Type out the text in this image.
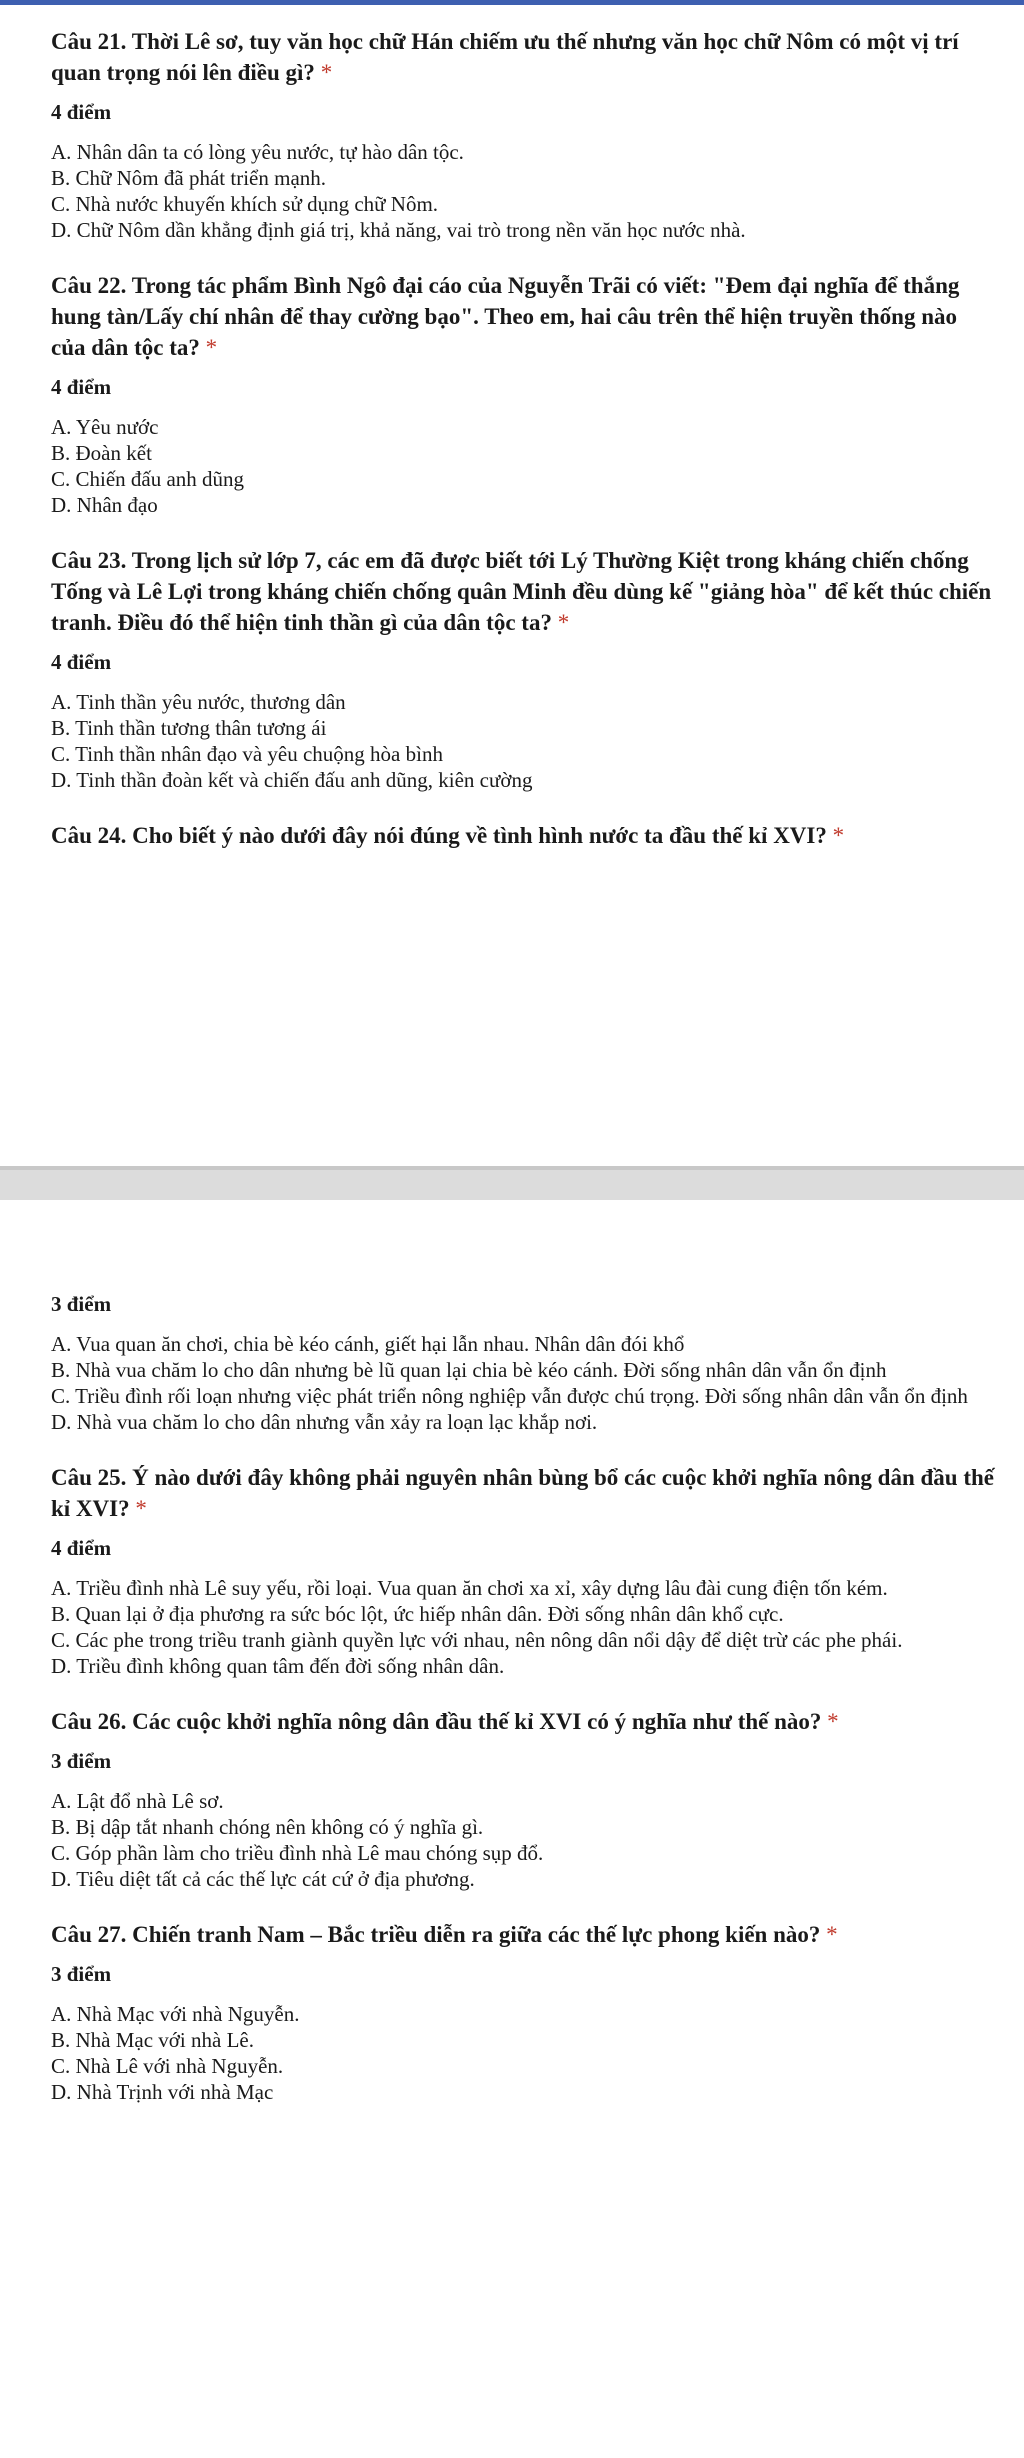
Câu 21. Thời Lê sơ, tuy văn học chữ Hán chiếm ưu thế nhưng văn học chữ Nôm có một vị trí quan trọng nói lên điều gì? *

4 điểm

A. Nhân dân ta có lòng yêu nước, tự hào dân tộc.
B. Chữ Nôm đã phát triển mạnh.
C. Nhà nước khuyến khích sử dụng chữ Nôm.
D. Chữ Nôm dần khẳng định giá trị, khả năng, vai trò trong nền văn học nước nhà.

Câu 22. Trong tác phẩm Bình Ngô đại cáo của Nguyễn Trãi có viết: "Đem đại nghĩa để thắng hung tàn/Lấy chí nhân để thay cường bạo". Theo em, hai câu trên thể hiện truyền thống nào của dân tộc ta? *

4 điểm

A. Yêu nước
B. Đoàn kết
C. Chiến đấu anh dũng
D. Nhân đạo

Câu 23. Trong lịch sử lớp 7, các em đã được biết tới Lý Thường Kiệt trong kháng chiến chống Tống và Lê Lợi trong kháng chiến chống quân Minh đều dùng kế "giảng hòa" để kết thúc chiến tranh. Điều đó thể hiện tinh thần gì của dân tộc ta? *

4 điểm

A. Tinh thần yêu nước, thương dân
B. Tinh thần tương thân tương ái
C. Tinh thần nhân đạo và yêu chuộng hòa bình
D. Tinh thần đoàn kết và chiến đấu anh dũng, kiên cường

Câu 24. Cho biết ý nào dưới đây nói đúng về tình hình nước ta đầu thế kỉ XVI? *

3 điểm

A. Vua quan ăn chơi, chia bè kéo cánh, giết hại lẫn nhau. Nhân dân đói khổ
B. Nhà vua chăm lo cho dân nhưng bè lũ quan lại chia bè kéo cánh. Đời sống nhân dân vẫn ổn định
C. Triều đình rối loạn nhưng việc phát triển nông nghiệp vẫn được chú trọng. Đời sống nhân dân vẫn ổn định
D. Nhà vua chăm lo cho dân nhưng vẫn xảy ra loạn lạc khắp nơi.

Câu 25. Ý nào dưới đây không phải nguyên nhân bùng bổ các cuộc khởi nghĩa nông dân đầu thế kỉ XVI? *

4 điểm

A. Triều đình nhà Lê suy yếu, rồi loại. Vua quan ăn chơi xa xỉ, xây dựng lâu đài cung điện tốn kém.
B. Quan lại ở địa phương ra sức bóc lột, ức hiếp nhân dân. Đời sống nhân dân khổ cực.
C. Các phe trong triều tranh giành quyền lực với nhau, nên nông dân nổi dậy để diệt trừ các phe phái.
D. Triều đình không quan tâm đến đời sống nhân dân.

Câu 26. Các cuộc khởi nghĩa nông dân đầu thế kỉ XVI có ý nghĩa như thế nào? *

3 điểm

A. Lật đổ nhà Lê sơ.
B. Bị dập tắt nhanh chóng nên không có ý nghĩa gì.
C. Góp phần làm cho triều đình nhà Lê mau chóng sụp đổ.
D. Tiêu diệt tất cả các thế lực cát cứ ở địa phương.

Câu 27. Chiến tranh Nam – Bắc triều diễn ra giữa các thế lực phong kiến nào? *

3 điểm

A. Nhà Mạc với nhà Nguyễn.
B. Nhà Mạc với nhà Lê.
C. Nhà Lê với nhà Nguyễn.
D. Nhà Trịnh với nhà Mạc
